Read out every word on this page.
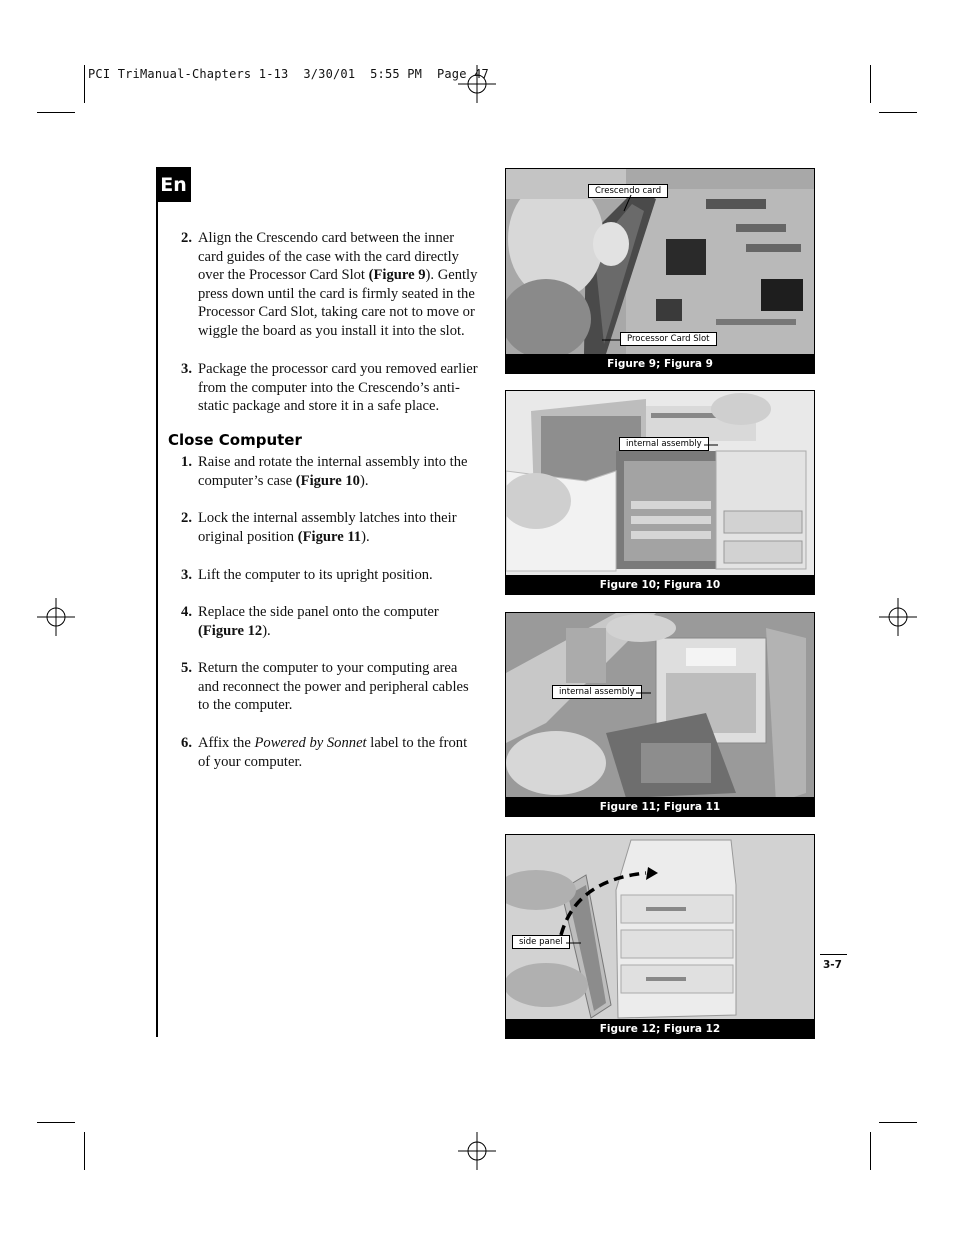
PCI TriManual-Chapters 1-13  3/30/01  5:55 PM  Page 47
En
2. Align the Crescendo card between the inner card guides of the case with the card directly over the Processor Card Slot (Figure 9). Gently press down until the card is firmly seated in the Processor Card Slot, taking care not to move or wiggle the board as you install it into the slot.
3. Package the processor card you removed earlier from the computer into the Crescendo’s anti-static package and store it in a safe place.
Close Computer
1. Raise and rotate the internal assembly into the computer’s case (Figure 10).
2. Lock the internal assembly latches into their original position (Figure 11).
3. Lift the computer to its upright position.
4. Replace the side panel onto the computer (Figure 12).
5. Return the computer to your computing area and reconnect the power and peripheral cables to the computer.
6. Affix the Powered by Sonnet label to the front of your computer.
Crescendo card
Processor Card Slot
Figure 9; Figura 9
internal assembly
Figure 10; Figura 10
internal assembly
Figure 11; Figura 11
side panel
Figure 12; Figura 12
3-7
